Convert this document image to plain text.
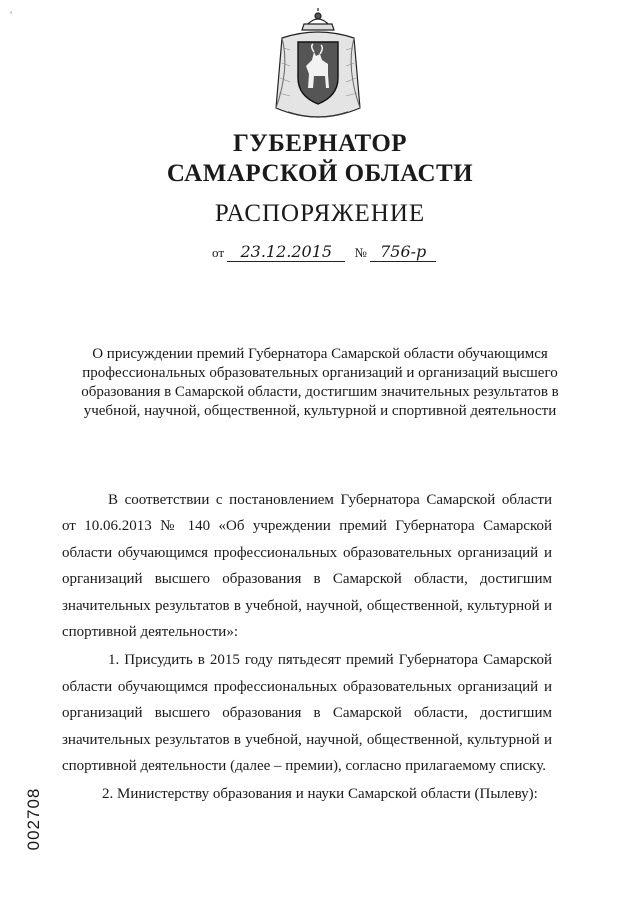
'
ГУБЕРНАТОР
САМАРСКОЙ ОБЛАСТИ
РАСПОРЯЖЕНИЕ
от 23.12.2015 № 756-р
О присуждении премий Губернатора Самарской области обучающимся профессиональных образовательных организаций и организаций высшего образования в Самарской области, достигшим значительных результатов в учебной, научной, общественной, культурной и спортивной деятельности

В соответствии с постановлением Губернатора Самарской области от 10.06.2013 № 140 «Об учреждении премий Губернатора Самарской области обучающимся профессиональных образовательных организаций и организаций высшего образования в Самарской области, достигшим значительных результатов в учебной, научной, общественной, культурной и спортивной деятельности»:

1. Присудить в 2015 году пятьдесят премий Губернатора Самарской области обучающимся профессиональных образовательных организаций и организаций высшего образования в Самарской области, достигшим значительных результатов в учебной, научной, общественной, культурной и спортивной деятельности (далее – премии), согласно прилагаемому списку.

2. Министерству образования и науки Самарской области (Пылеву):

002708
